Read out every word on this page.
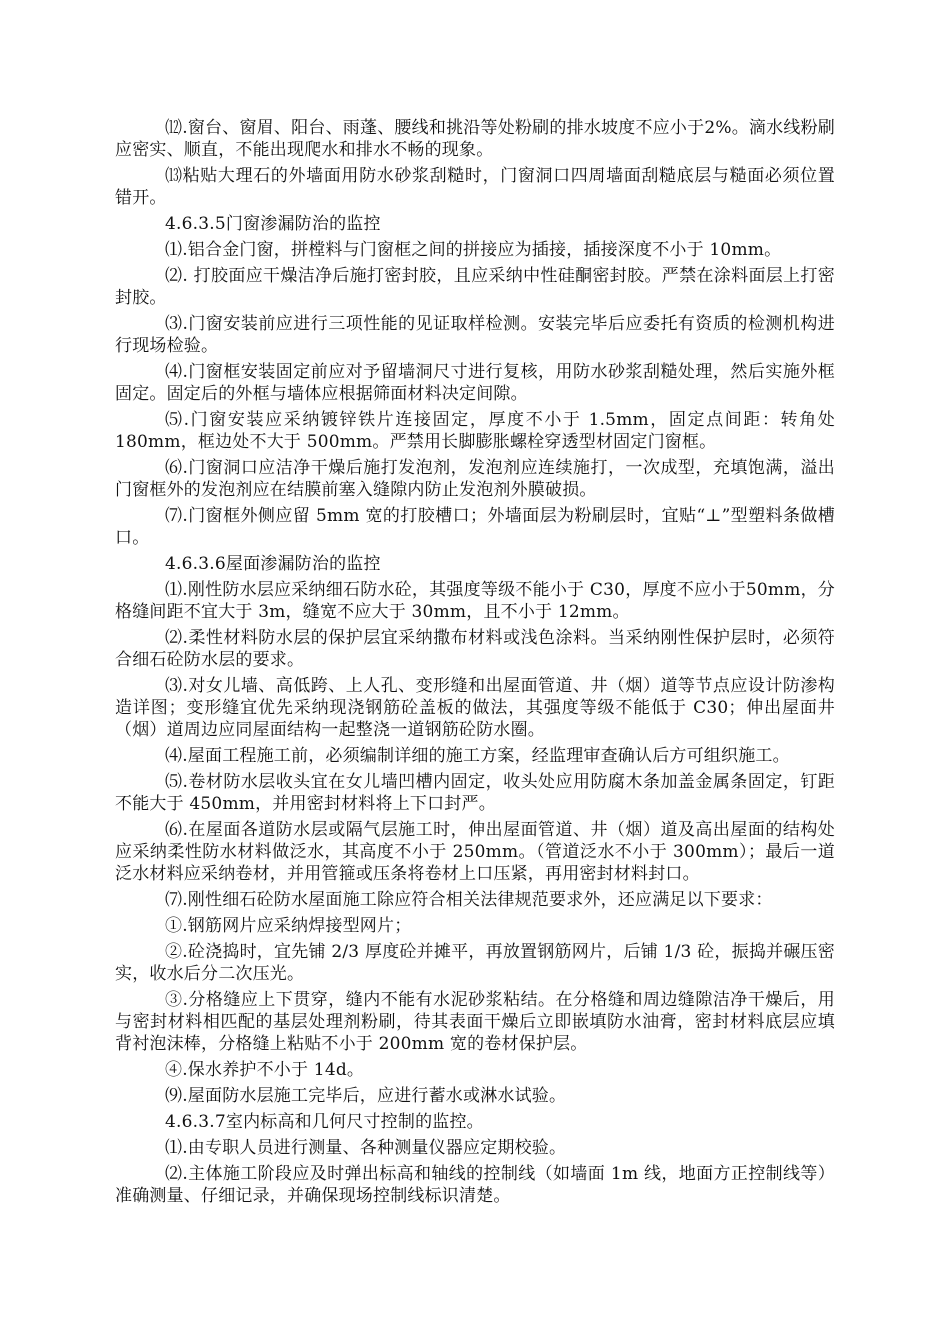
⑿.窗台、窗眉、阳台、雨蓬、腰线和挑沿等处粉刷的排水坡度不应小于2%。滴水线粉刷应密实、顺直，不能出现爬水和排水不畅的现象。

⒀粘贴大理石的外墙面用防水砂浆刮糙时，门窗洞口四周墙面刮糙底层与糙面必须位置错开。

4.6.3.5门窗渗漏防治的监控

⑴.铝合金门窗，拼樘料与门窗框之间的拼接应为插接，插接深度不小于 10mm。

⑵. 打胶面应干燥洁净后施打密封胶，且应采纳中性硅酮密封胶。严禁在涂料面层上打密封胶。

⑶.门窗安装前应进行三项性能的见证取样检测。安装完毕后应委托有资质的检测机构进行现场检验。

⑷.门窗框安装固定前应对予留墙洞尺寸进行复核，用防水砂浆刮糙处理，然后实施外框固定。固定后的外框与墙体应根据筛面材料决定间隙。

⑸.门窗安装应采纳镀锌铁片连接固定，厚度不小于 1.5mm，固定点间距：转角处 180mm，框边处不大于 500mm。严禁用长脚膨胀螺栓穿透型材固定门窗框。

⑹.门窗洞口应洁净干燥后施打发泡剂，发泡剂应连续施打，一次成型，充填饱满，溢出门窗框外的发泡剂应在结膜前塞入缝隙内防止发泡剂外膜破损。

⑺.门窗框外侧应留 5mm 宽的打胶槽口；外墙面层为粉刷层时，宜贴“⊥”型塑料条做槽口。

4.6.3.6屋面渗漏防治的监控

⑴.刚性防水层应采纳细石防水砼，其强度等级不能小于 C30，厚度不应小于50mm，分格缝间距不宜大于 3m，缝宽不应大于 30mm，且不小于 12mm。

⑵.柔性材料防水层的保护层宜采纳撒布材料或浅色涂料。当采纳刚性保护层时，必须符合细石砼防水层的要求。

⑶.对女儿墙、高低跨、上人孔、变形缝和出屋面管道、井（烟）道等节点应设计防渗构造详图；变形缝宜优先采纳现浇钢筋砼盖板的做法，其强度等级不能低于 C30；伸出屋面井（烟）道周边应同屋面结构一起整浇一道钢筋砼防水圈。

⑷.屋面工程施工前，必须编制详细的施工方案，经监理审查确认后方可组织施工。

⑸.卷材防水层收头宜在女儿墙凹槽内固定，收头处应用防腐木条加盖金属条固定，钉距不能大于 450mm，并用密封材料将上下口封严。

⑹.在屋面各道防水层或隔气层施工时，伸出屋面管道、井（烟）道及高出屋面的结构处应采纳柔性防水材料做泛水，其高度不小于 250mm。（管道泛水不小于 300mm）；最后一道泛水材料应采纳卷材，并用管箍或压条将卷材上口压紧，再用密封材料封口。

⑺.刚性细石砼防水屋面施工除应符合相关法律规范要求外，还应满足以下要求：

①.钢筋网片应采纳焊接型网片；

②.砼浇捣时，宜先铺 2/3 厚度砼并摊平，再放置钢筋网片，后铺 1/3 砼，振捣并碾压密实，收水后分二次压光。

③.分格缝应上下贯穿，缝内不能有水泥砂浆粘结。在分格缝和周边缝隙洁净干燥后，用与密封材料相匹配的基层处理剂粉刷，待其表面干燥后立即嵌填防水油膏，密封材料底层应填背衬泡沫棒，分格缝上粘贴不小于 200mm 宽的卷材保护层。

④.保水养护不小于 14d。

⑼.屋面防水层施工完毕后，应进行蓄水或淋水试验。

4.6.3.7室内标高和几何尺寸控制的监控。

⑴.由专职人员进行测量、各种测量仪器应定期校验。

⑵.主体施工阶段应及时弹出标高和轴线的控制线（如墙面 1m 线，地面方正控制线等）准确测量、仔细记录，并确保现场控制线标识清楚。
